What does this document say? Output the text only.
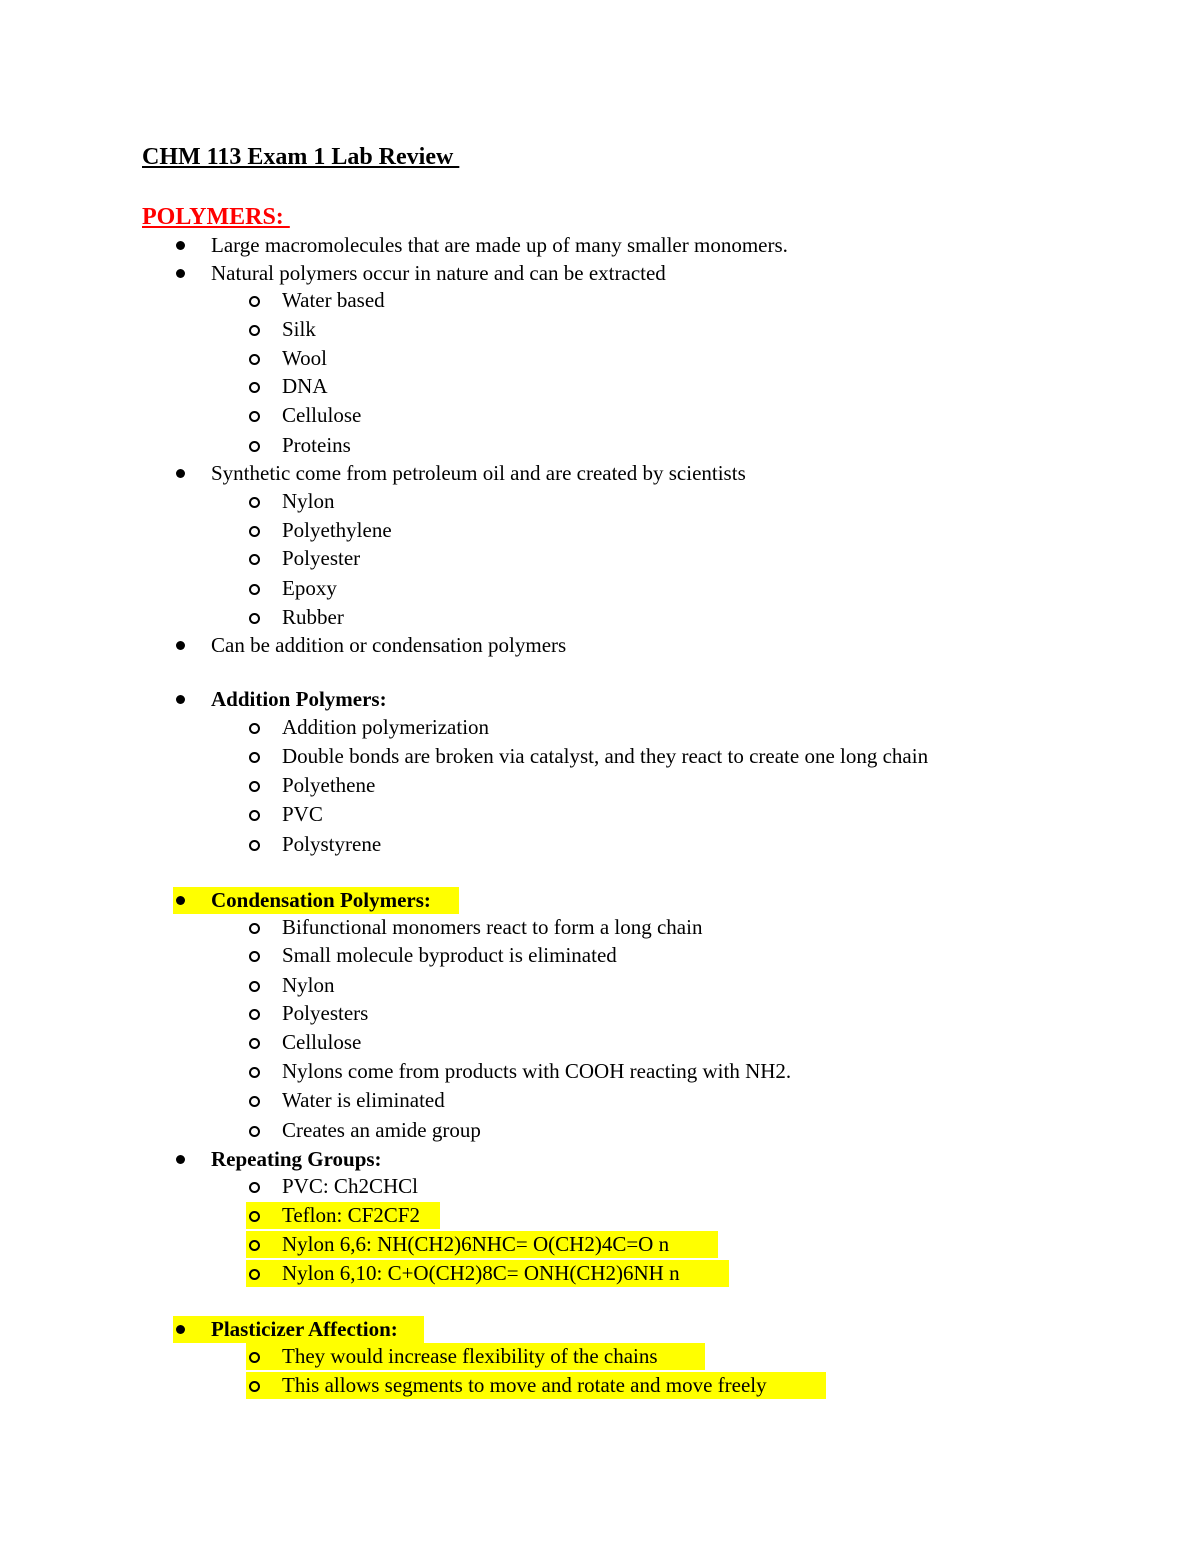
CHM 113 Exam 1 Lab Review
POLYMERS:

Large macromolecules that are made up of many smaller monomers.

Natural polymers occur in nature and can be extracted

Water based

Silk

Wool

DNA

Cellulose

Proteins

Synthetic come from petroleum oil and are created by scientists

Nylon

Polyethylene

Polyester

Epoxy

Rubber

Can be addition or condensation polymers

Addition Polymers:

Addition polymerization

Double bonds are broken via catalyst, and they react to create one long chain

Polyethene

PVC

Polystyrene

Condensation Polymers:

Bifunctional monomers react to form a long chain

Small molecule byproduct is eliminated

Nylon

Polyesters

Cellulose

Nylons come from products with COOH reacting with NH2.

Water is eliminated

Creates an amide group

Repeating Groups:

PVC: Ch2CHCl

Teflon: CF2CF2

Nylon 6,6: NH(CH2)6NHC= O(CH2)4C=O n

Nylon 6,10: C+O(CH2)8C= ONH(CH2)6NH n

Plasticizer Affection:

They would increase flexibility of the chains

This allows segments to move and rotate and move freely
